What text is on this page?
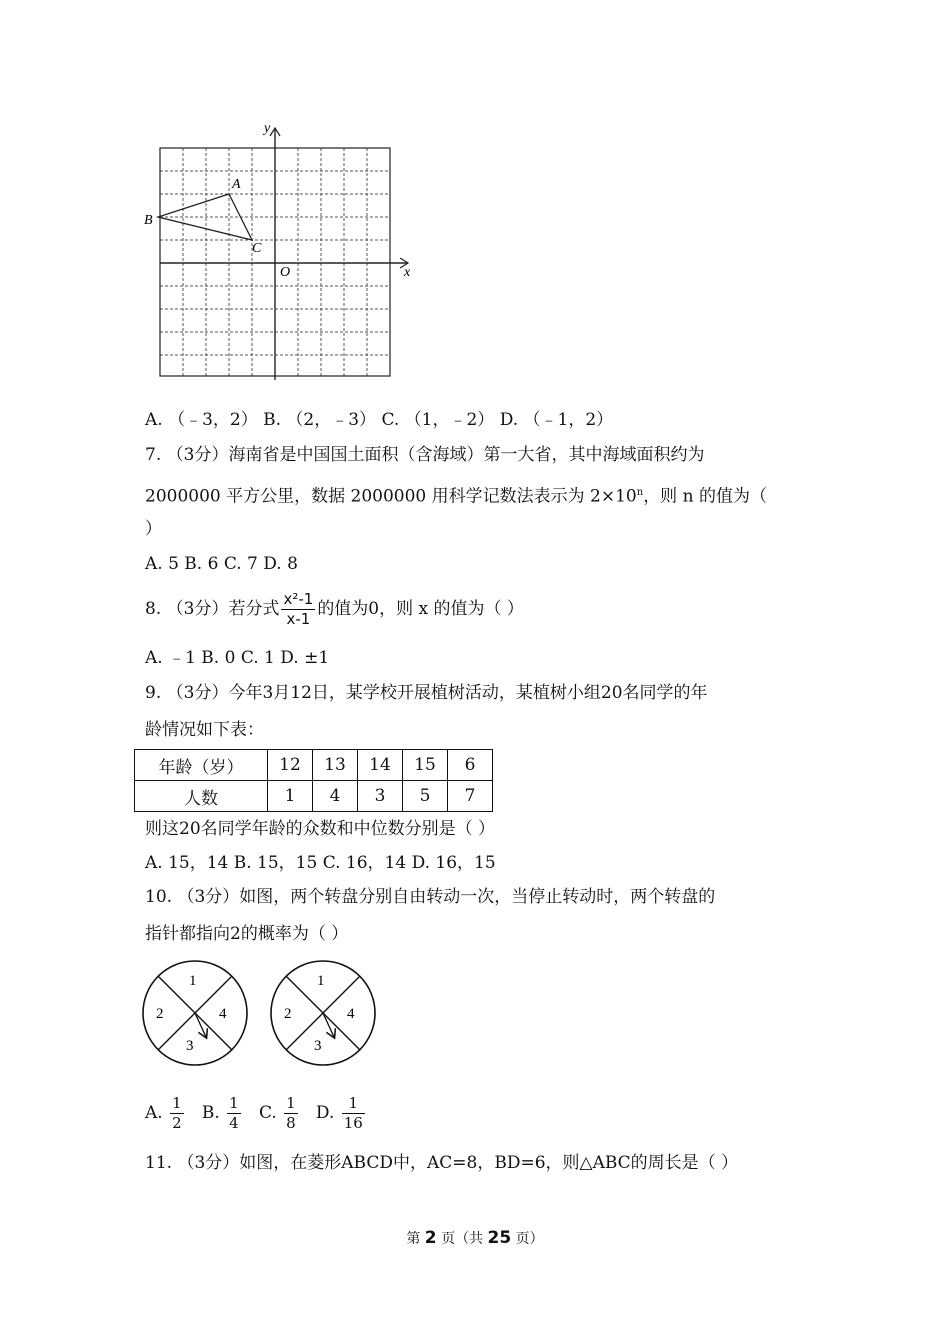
y
x
O
A
B
C
A. （﹣3，2） B. （2，﹣3） C. （1，﹣2） D. （﹣1，2）
7. （3分）海南省是中国国土面积（含海域）第一大省，其中海域面积约为
2000000 平方公里，数据 2000000 用科学记数法表示为 $2\times 10^n$，则 n 的值为（
）
A. 5 B. 6 C. 7 D. 8
8. （3分）若分式 $\frac{\text{x²-1}}{x-1}$ 的值为0，则 x 的值为（ ）
A. ﹣1 B. 0 C. 1 D. ±1
9. （3分）今年3月12日，某学校开展植树活动，某植树小组20名同学的年
龄情况如下表：
年龄（岁）	12	13	14	15	6
人数	1	4	3	5	7
则这20名同学年龄的众数和中位数分别是（ ）
A. 15，14 B. 15，15 C. 16，14 D. 16，15
10. （3分）如图，两个转盘分别自由转动一次，当停止转动时，两个转盘的
指针都指向2的概率为（ ）
1
2
3
4
1
2
3
4
A. $\frac{1}{2} B$. $\frac{1}{4} C$. $\frac{1}{8} D$. $\frac{1}{16}$
11. （3分）如图，在菱形ABCD中，AC=8，BD=6，则△ABC的周长是（ ）
第 2 页（共 25 页）
